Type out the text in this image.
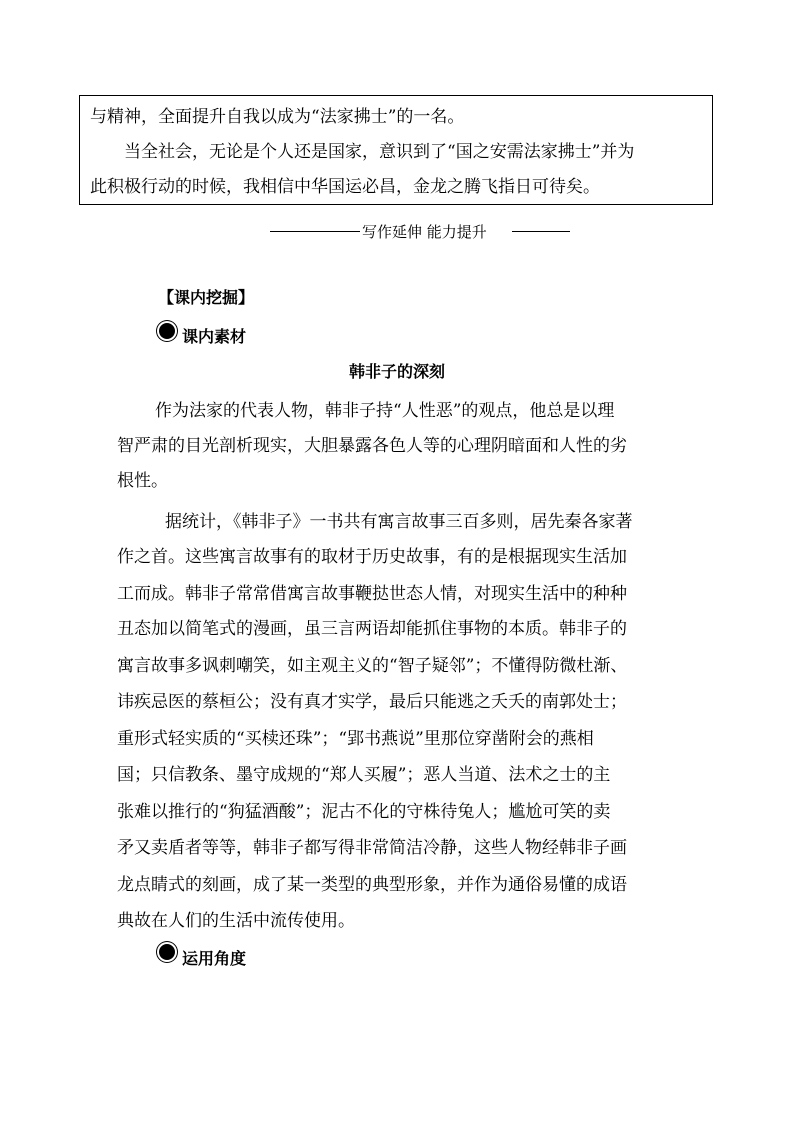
与精神，全面提升自我以成为“法家拂士”的一名。
当全社会，无论是个人还是国家，意识到了“国之安需法家拂士”并为
此积极行动的时候，我相信中华国运必昌，金龙之腾飞指日可待矣。
写作延伸 能力提升
【课内挖掘】
课内素材
韩非子的深刻
作为法家的代表人物，韩非子持“人性恶”的观点，他总是以理
智严肃的目光剖析现实，大胆暴露各色人等的心理阴暗面和人性的劣
根性。
据统计，《韩非子》一书共有寓言故事三百多则，居先秦各家著
作之首。这些寓言故事有的取材于历史故事，有的是根据现实生活加
工而成。韩非子常常借寓言故事鞭挞世态人情，对现实生活中的种种
丑态加以简笔式的漫画，虽三言两语却能抓住事物的本质。韩非子的
寓言故事多讽刺嘲笑，如主观主义的“智子疑邻”；不懂得防微杜渐、
讳疾忌医的蔡桓公；没有真才实学，最后只能逃之夭夭的南郭处士；
重形式轻实质的“买椟还珠”；“郢书燕说”里那位穿凿附会的燕相
国；只信教条、墨守成规的“郑人买履”；恶人当道、法术之士的主
张难以推行的“狗猛酒酸”；泥古不化的守株待兔人；尴尬可笑的卖
矛又卖盾者等等，韩非子都写得非常简洁冷静，这些人物经韩非子画
龙点睛式的刻画，成了某一类型的典型形象，并作为通俗易懂的成语
典故在人们的生活中流传使用。
运用角度
